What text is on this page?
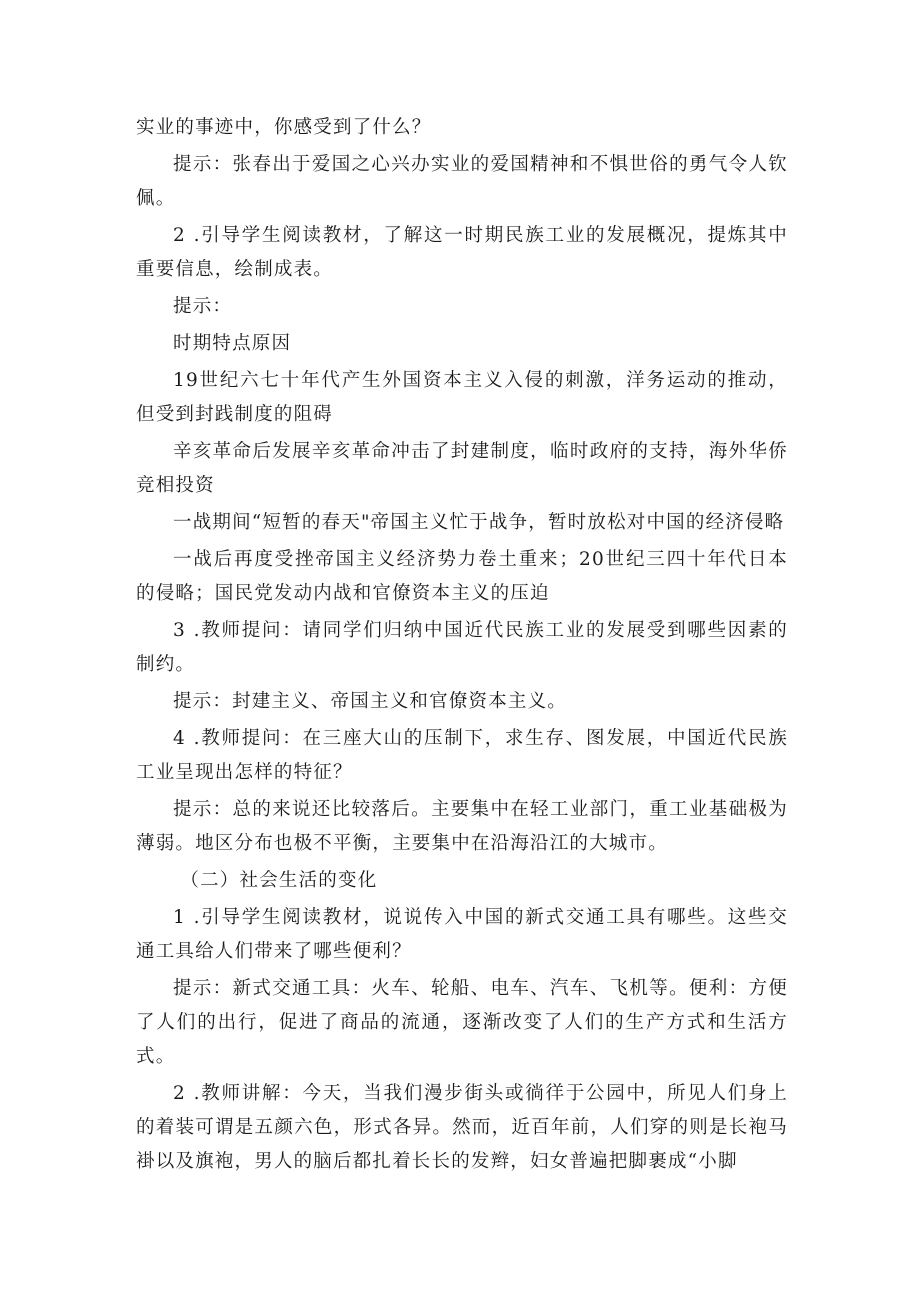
实业的事迹中，你感受到了什么？

提示：张春出于爱国之心兴办实业的爱国精神和不惧世俗的勇气令人钦佩。

2 .引导学生阅读教材，了解这一时期民族工业的发展概况，提炼其中重要信息，绘制成表。

提示：

时期特点原因

19世纪六七十年代产生外国资本主义入侵的刺激，洋务运动的推动，但受到封践制度的阻碍

辛亥革命后发展辛亥革命冲击了封建制度，临时政府的支持，海外华侨竞相投资

一战期间“短暂的春天"帝国主义忙于战争，暂时放松对中国的经济侵略

一战后再度受挫帝国主义经济势力卷土重来；20世纪三四十年代日本的侵略；国民党发动内战和官僚资本主义的压迫

3 .教师提问：请同学们归纳中国近代民族工业的发展受到哪些因素的制约。

提示：封建主义、帝国主义和官僚资本主义。

4 .教师提问：在三座大山的压制下，求生存、图发展，中国近代民族工业呈现出怎样的特征？

提示：总的来说还比较落后。主要集中在轻工业部门，重工业基础极为薄弱。地区分布也极不平衡，主要集中在沿海沿江的大城市。

（二）社会生活的变化

1 .引导学生阅读教材，说说传入中国的新式交通工具有哪些。这些交通工具给人们带来了哪些便利？

提示：新式交通工具：火车、轮船、电车、汽车、飞机等。便利：方便了人们的出行，促进了商品的流通，逐渐改变了人们的生产方式和生活方式。

2 .教师讲解：今天，当我们漫步街头或徜徉于公园中，所见人们身上的着装可谓是五颜六色，形式各异。然而，近百年前，人们穿的则是长袍马褂以及旗袍，男人的脑后都扎着长长的发辫，妇女普遍把脚裹成“小脚
